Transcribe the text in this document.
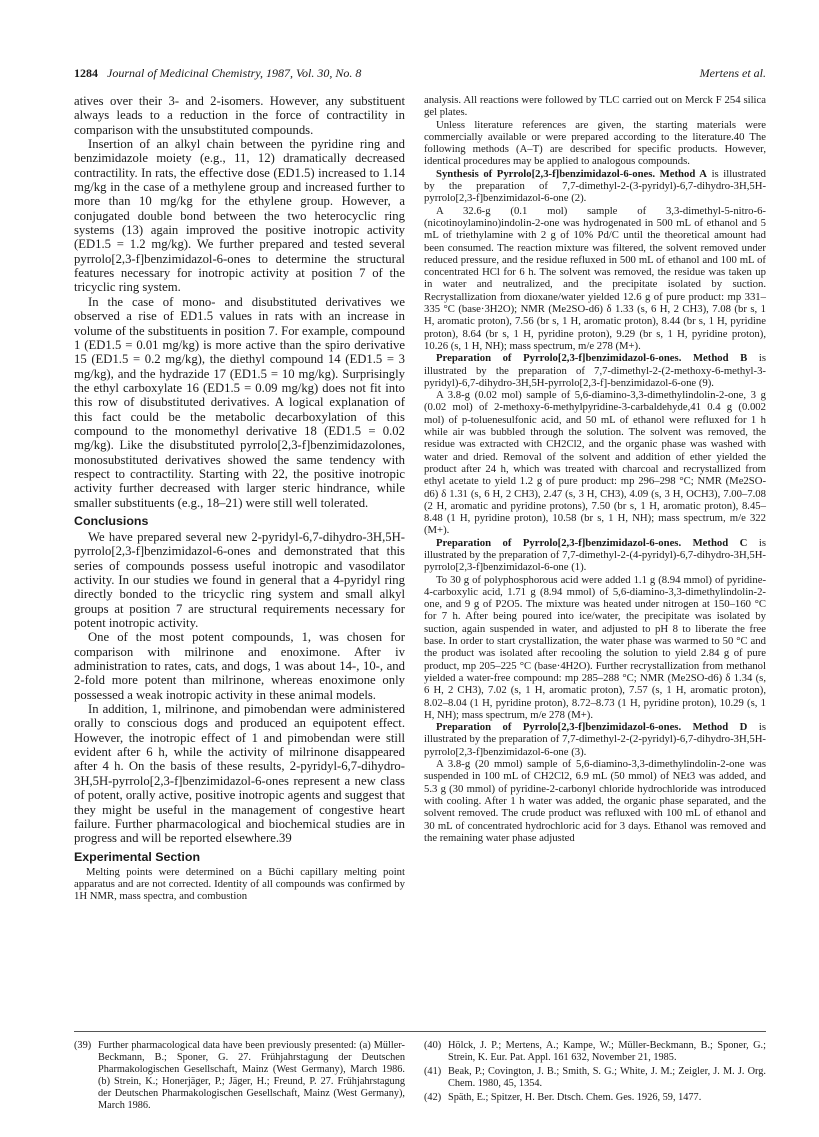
1284 Journal of Medicinal Chemistry, 1987, Vol. 30, No. 8	Mertens et al.

atives over their 3- and 2-isomers. However, any substituent always leads to a reduction in the force of contractility in comparison with the unsubstituted compounds.

Insertion of an alkyl chain between the pyridine ring and benzimidazole moiety (e.g., 11, 12) dramatically decreased contractility. In rats, the effective dose (ED1.5) increased to 1.14 mg/kg in the case of a methylene group and increased further to more than 10 mg/kg for the ethylene group. However, a conjugated double bond between the two heterocyclic ring systems (13) again improved the positive inotropic activity (ED1.5 = 1.2 mg/kg). We further prepared and tested several pyrrolo[2,3-f]benzimidazol-6-ones to determine the structural features necessary for inotropic activity at position 7 of the tricyclic ring system.

In the case of mono- and disubstituted derivatives we observed a rise of ED1.5 values in rats with an increase in volume of the substituents in position 7. For example, compound 1 (ED1.5 = 0.01 mg/kg) is more active than the spiro derivative 15 (ED1.5 = 0.2 mg/kg), the diethyl compound 14 (ED1.5 = 3 mg/kg), and the hydrazide 17 (ED1.5 = 10 mg/kg). Surprisingly the ethyl carboxylate 16 (ED1.5 = 0.09 mg/kg) does not fit into this row of disubstituted derivatives. A logical explanation of this fact could be the metabolic decarboxylation of this compound to the monomethyl derivative 18 (ED1.5 = 0.02 mg/kg). Like the disubstituted pyrrolo[2,3-f]benzimidazolones, monosubstituted derivatives showed the same tendency with respect to contractility. Starting with 22, the positive inotropic activity further decreased with larger steric hindrance, while smaller substituents (e.g., 18–21) were still well tolerated.

Conclusions

We have prepared several new 2-pyridyl-6,7-dihydro-3H,5H-pyrrolo[2,3-f]benzimidazol-6-ones and demonstrated that this series of compounds possess useful inotropic and vasodilator activity. In our studies we found in general that a 4-pyridyl ring directly bonded to the tricyclic ring system and small alkyl groups at position 7 are structural requirements necessary for potent inotropic activity.

One of the most potent compounds, 1, was chosen for comparison with milrinone and enoximone. After iv administration to rates, cats, and dogs, 1 was about 14-, 10-, and 2-fold more potent than milrinone, whereas enoximone only possessed a weak inotropic activity in these animal models.

In addition, 1, milrinone, and pimobendan were administered orally to conscious dogs and produced an equipotent effect. However, the inotropic effect of 1 and pimobendan were still evident after 6 h, while the activity of milrinone disappeared after 4 h. On the basis of these results, 2-pyridyl-6,7-dihydro-3H,5H-pyrrolo[2,3-f]benzimidazol-6-ones represent a new class of potent, orally active, positive inotropic agents and suggest that they might be useful in the management of congestive heart failure. Further pharmacological and biochemical studies are in progress and will be reported elsewhere.39

Experimental Section

Melting points were determined on a Büchi capillary melting point apparatus and are not corrected. Identity of all compounds was confirmed by 1H NMR, mass spectra, and combustion

analysis. All reactions were followed by TLC carried out on Merck F 254 silica gel plates.

Unless literature references are given, the starting materials were commercially available or were prepared according to the literature.40 The following methods (A–T) are described for specific products. However, identical procedures may be applied to analogous compounds.

Synthesis of Pyrrolo[2,3-f]benzimidazol-6-ones. Method A is illustrated by the preparation of 7,7-dimethyl-2-(3-pyridyl)-6,7-dihydro-3H,5H-pyrrolo[2,3-f]benzimidazol-6-one (2).

A 32.6-g (0.1 mol) sample of 3,3-dimethyl-5-nitro-6-(nicotinoylamino)indolin-2-one was hydrogenated in 500 mL of ethanol and 5 mL of triethylamine with 2 g of 10% Pd/C until the theoretical amount had been consumed. The reaction mixture was filtered, the solvent removed under reduced pressure, and the residue refluxed in 500 mL of ethanol and 100 mL of concentrated HCl for 6 h. The solvent was removed, the residue was taken up in water and neutralized, and the precipitate isolated by suction. Recrystallization from dioxane/water yielded 12.6 g of pure product: mp 331–335 °C (base·3H2O); NMR (Me2SO-d6) δ 1.33 (s, 6 H, 2 CH3), 7.08 (br s, 1 H, aromatic proton), 7.56 (br s, 1 H, aromatic proton), 8.44 (br s, 1 H, pyridine proton), 8.64 (br s, 1 H, pyridine proton), 9.29 (br s, 1 H, pyridine proton), 10.26 (s, 1 H, NH); mass spectrum, m/e 278 (M+).

Preparation of Pyrrolo[2,3-f]benzimidazol-6-ones. Method B is illustrated by the preparation of 7,7-dimethyl-2-(2-methoxy-6-methyl-3-pyridyl)-6,7-dihydro-3H,5H-pyrrolo[2,3-f]-benzimidazol-6-one (9).

A 3.8-g (0.02 mol) sample of 5,6-diamino-3,3-dimethylindolin-2-one, 3 g (0.02 mol) of 2-methoxy-6-methylpyridine-3-carbaldehyde,41 0.4 g (0.002 mol) of p-toluenesulfonic acid, and 50 mL of ethanol were refluxed for 1 h while air was bubbled through the solution. The solvent was removed, the residue was extracted with CH2Cl2, and the organic phase was washed with water and dried. Removal of the solvent and addition of ether yielded the product after 24 h, which was treated with charcoal and recrystallized from ethyl acetate to yield 1.2 g of pure product: mp 296–298 °C; NMR (Me2SO-d6) δ 1.31 (s, 6 H, 2 CH3), 2.47 (s, 3 H, CH3), 4.09 (s, 3 H, OCH3), 7.00–7.08 (2 H, aromatic and pyridine protons), 7.50 (br s, 1 H, aromatic proton), 8.45–8.48 (1 H, pyridine proton), 10.58 (br s, 1 H, NH); mass spectrum, m/e 322 (M+).

Preparation of Pyrrolo[2,3-f]benzimidazol-6-ones. Method C is illustrated by the preparation of 7,7-dimethyl-2-(4-pyridyl)-6,7-dihydro-3H,5H-pyrrolo[2,3-f]benzimidazol-6-one (1).

To 30 g of polyphosphorous acid were added 1.1 g (8.94 mmol) of pyridine-4-carboxylic acid, 1.71 g (8.94 mmol) of 5,6-diamino-3,3-dimethylindolin-2-one, and 9 g of P2O5. The mixture was heated under nitrogen at 150–160 °C for 7 h. After being poured into ice/water, the precipitate was isolated by suction, again suspended in water, and adjusted to pH 8 to liberate the free base. In order to start crystallization, the water phase was warmed to 50 °C and the product was isolated after recooling the solution to yield 2.84 g of pure product, mp 205–225 °C (base·4H2O). Further recrystallization from methanol yielded a water-free compound: mp 285–288 °C; NMR (Me2SO-d6) δ 1.34 (s, 6 H, 2 CH3), 7.02 (s, 1 H, aromatic proton), 7.57 (s, 1 H, aromatic proton), 8.02–8.04 (1 H, pyridine proton), 8.72–8.73 (1 H, pyridine proton), 10.29 (s, 1 H, NH); mass spectrum, m/e 278 (M+).

Preparation of Pyrrolo[2,3-f]benzimidazol-6-ones. Method D is illustrated by the preparation of 7,7-dimethyl-2-(2-pyridyl)-6,7-dihydro-3H,5H-pyrrolo[2,3-f]benzimidazol-6-one (3).

A 3.8-g (20 mmol) sample of 5,6-diamino-3,3-dimethylindolin-2-one was suspended in 100 mL of CH2Cl2, 6.9 mL (50 mmol) of NEt3 was added, and 5.3 g (30 mmol) of pyridine-2-carbonyl chloride hydrochloride was introduced with cooling. After 1 h water was added, the organic phase separated, and the solvent removed. The crude product was refluxed with 100 mL of ethanol and 30 mL of concentrated hydrochloric acid for 3 days. Ethanol was removed and the remaining water phase adjusted

(39) Further pharmacological data have been previously presented: (a) Müller-Beckmann, B.; Sponer, G. 27. Frühjahrstagung der Deutschen Pharmakologischen Gesellschaft, Mainz (West Germany), March 1986. (b) Strein, K.; Honerjäger, P.; Jäger, H.; Freund, P. 27. Frühjahrstagung der Deutschen Pharmakologischen Gesellschaft, Mainz (West Germany), March 1986.
(40) Hölck, J. P.; Mertens, A.; Kampe, W.; Müller-Beckmann, B.; Sponer, G.; Strein, K. Eur. Pat. Appl. 161 632, November 21, 1985.
(41) Beak, P.; Covington, J. B.; Smith, S. G.; White, J. M.; Zeigler, J. M. J. Org. Chem. 1980, 45, 1354.
(42) Späth, E.; Spitzer, H. Ber. Dtsch. Chem. Ges. 1926, 59, 1477.
